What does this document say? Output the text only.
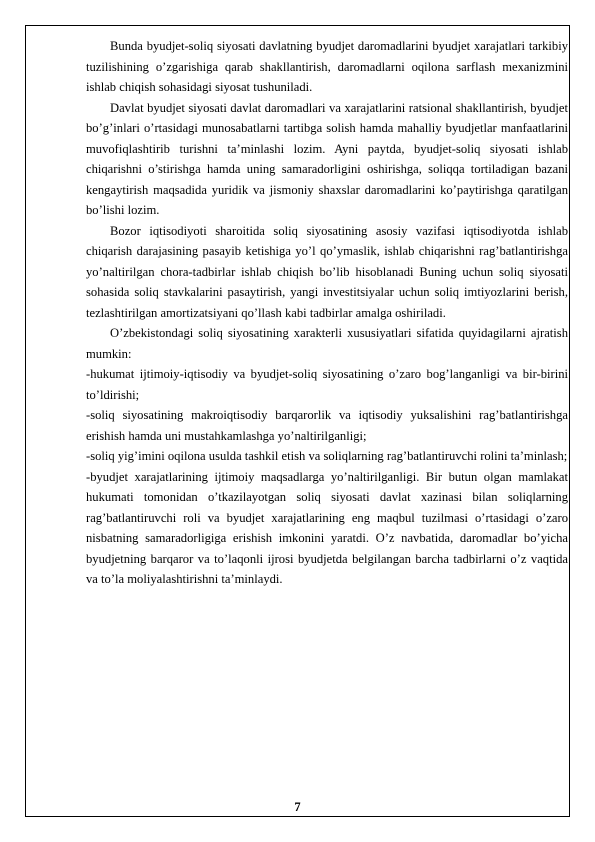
Bunda byudjet-soliq siyosati davlatning byudjet daromadlarini byudjet xarajatlari tarkibiy tuzilishining o’zgarishiga qarab shakllantirish, daromadlarni oqilona sarflash mexanizmini ishlab chiqish sohasidagi siyosat tushuniladi.

Davlat byudjet siyosati davlat daromadlari va xarajatlarini ratsional shakllantirish, byudjet bo’g’inlari o’rtasidagi munosabatlarni tartibga solish hamda mahalliy byudjetlar manfaatlarini muvofiqlashtirib turishni ta’minlashi lozim. Ayni paytda, byudjet-soliq siyosati ishlab chiqarishni o’stirishga hamda uning samaradorligini oshirishga, soliqqa tortiladigan bazani kengaytirish maqsadida yuridik va jismoniy shaxslar daromadlarini ko’paytirishga qaratilgan bo’lishi lozim.

Bozor iqtisodiyoti sharoitida soliq siyosatining asosiy vazifasi iqtisodiyotda ishlab chiqarish darajasining pasayib ketishiga yo’l qo’ymaslik, ishlab chiqarishni rag’batlantirishga yo’naltirilgan chora-tadbirlar ishlab chiqish bo’lib hisoblanadi Buning uchun soliq siyosati sohasida soliq stavkalarini pasaytirish, yangi investitsiyalar uchun soliq imtiyozlarini berish, tezlashtirilgan amortizatsiyani qo’llash kabi tadbirlar amalga oshiriladi.

O’zbekistondagi soliq siyosatining xarakterli xususiyatlari sifatida quyidagilarni ajratish mumkin:

-hukumat ijtimoiy-iqtisodiy va byudjet-soliq siyosatining o’zaro bog’langanligi va bir-birini to’ldirishi;

-soliq siyosatining makroiqtisodiy barqarorlik va iqtisodiy yuksalishini rag’batlantirishga erishish hamda uni mustahkamlashga yo’naltirilganligi;

-soliq yig’imini oqilona usulda tashkil etish va soliqlarning rag’batlantiruvchi rolini ta’minlash;

-byudjet xarajatlarining ijtimoiy maqsadlarga yo’naltirilganligi. Bir butun olgan mamlakat hukumati tomonidan o’tkazilayotgan soliq siyosati davlat xazinasi bilan soliqlarning rag’batlantiruvchi roli va byudjet xarajatlarining eng maqbul tuzilmasi o’rtasidagi o’zaro nisbatning samaradorligiga erishish imkonini yaratdi. O’z navbatida, daromadlar bo’yicha byudjetning barqaror va to’laqonli ijrosi byudjetda belgilangan barcha tadbirlarni o’z vaqtida va to’la moliyalashtirishni ta’minlaydi.

7
